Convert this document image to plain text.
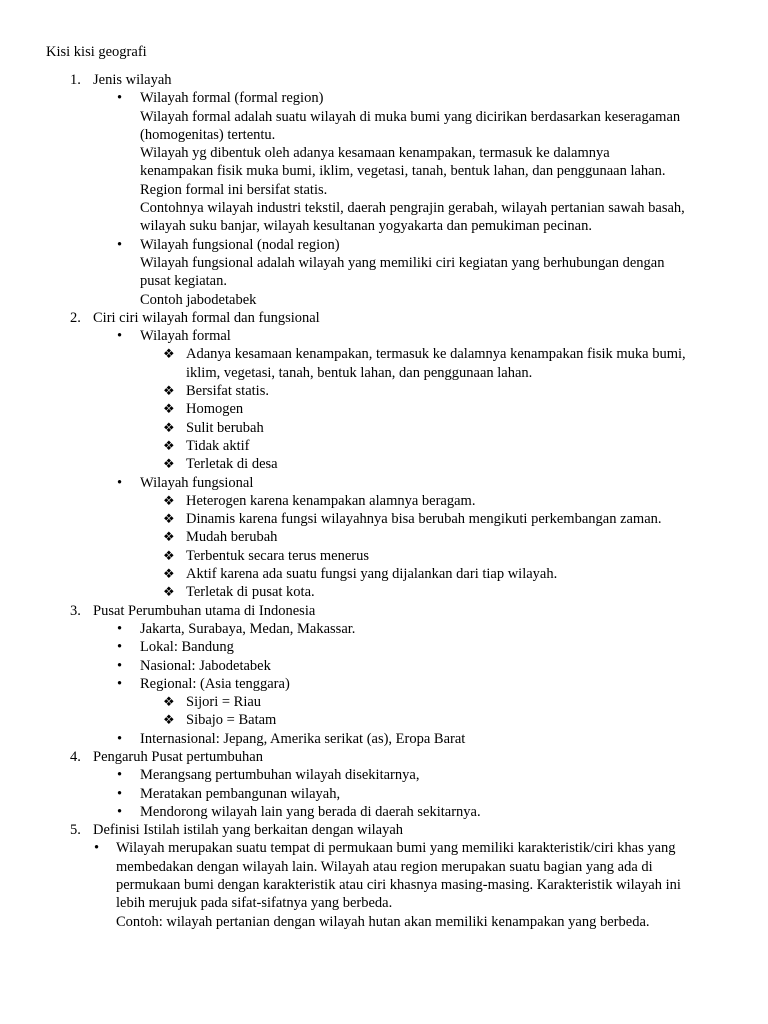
Kisi kisi geografi
1. Jenis wilayah
• Wilayah formal (formal region)
Wilayah formal adalah suatu wilayah di muka bumi yang dicirikan berdasarkan keseragaman
(homogenitas) tertentu.
Wilayah yg dibentuk oleh adanya kesamaan kenampakan, termasuk ke dalamnya
kenampakan fisik muka bumi, iklim, vegetasi, tanah, bentuk lahan, dan penggunaan lahan.
Region formal ini bersifat statis.
Contohnya wilayah industri tekstil, daerah pengrajin gerabah, wilayah pertanian sawah basah,
wilayah suku banjar, wilayah kesultanan yogyakarta dan pemukiman pecinan.
• Wilayah fungsional (nodal region)
Wilayah fungsional adalah wilayah yang memiliki ciri kegiatan yang berhubungan dengan
pusat kegiatan.
Contoh jabodetabek
2. Ciri ciri wilayah formal dan fungsional
• Wilayah formal
❖ Adanya kesamaan kenampakan, termasuk ke dalamnya kenampakan fisik muka bumi,
iklim, vegetasi, tanah, bentuk lahan, dan penggunaan lahan.
❖ Bersifat statis.
❖ Homogen
❖ Sulit berubah
❖ Tidak aktif
❖ Terletak di desa
• Wilayah fungsional
❖ Heterogen karena kenampakan alamnya beragam.
❖ Dinamis karena fungsi wilayahnya bisa berubah mengikuti perkembangan zaman.
❖ Mudah berubah
❖ Terbentuk secara terus menerus
❖ Aktif karena ada suatu fungsi yang dijalankan dari tiap wilayah.
❖ Terletak di pusat kota.
3. Pusat Perumbuhan utama di Indonesia
• Jakarta, Surabaya, Medan, Makassar.
• Lokal: Bandung
• Nasional: Jabodetabek
• Regional: (Asia tenggara)
❖ Sijori = Riau
❖ Sibajo = Batam
• Internasional: Jepang, Amerika serikat (as), Eropa Barat
4. Pengaruh Pusat pertumbuhan
• Merangsang pertumbuhan wilayah disekitarnya,
• Meratakan pembangunan wilayah,
• Mendorong wilayah lain yang berada di daerah sekitarnya.
5. Definisi Istilah istilah yang berkaitan dengan wilayah
• Wilayah merupakan suatu tempat di permukaan bumi yang memiliki karakteristik/ciri khas yang
membedakan dengan wilayah lain. Wilayah atau region merupakan suatu bagian yang ada di
permukaan bumi dengan karakteristik atau ciri khasnya masing-masing. Karakteristik wilayah ini
lebih merujuk pada sifat-sifatnya yang berbeda.
Contoh: wilayah pertanian dengan wilayah hutan akan memiliki kenampakan yang berbeda.
